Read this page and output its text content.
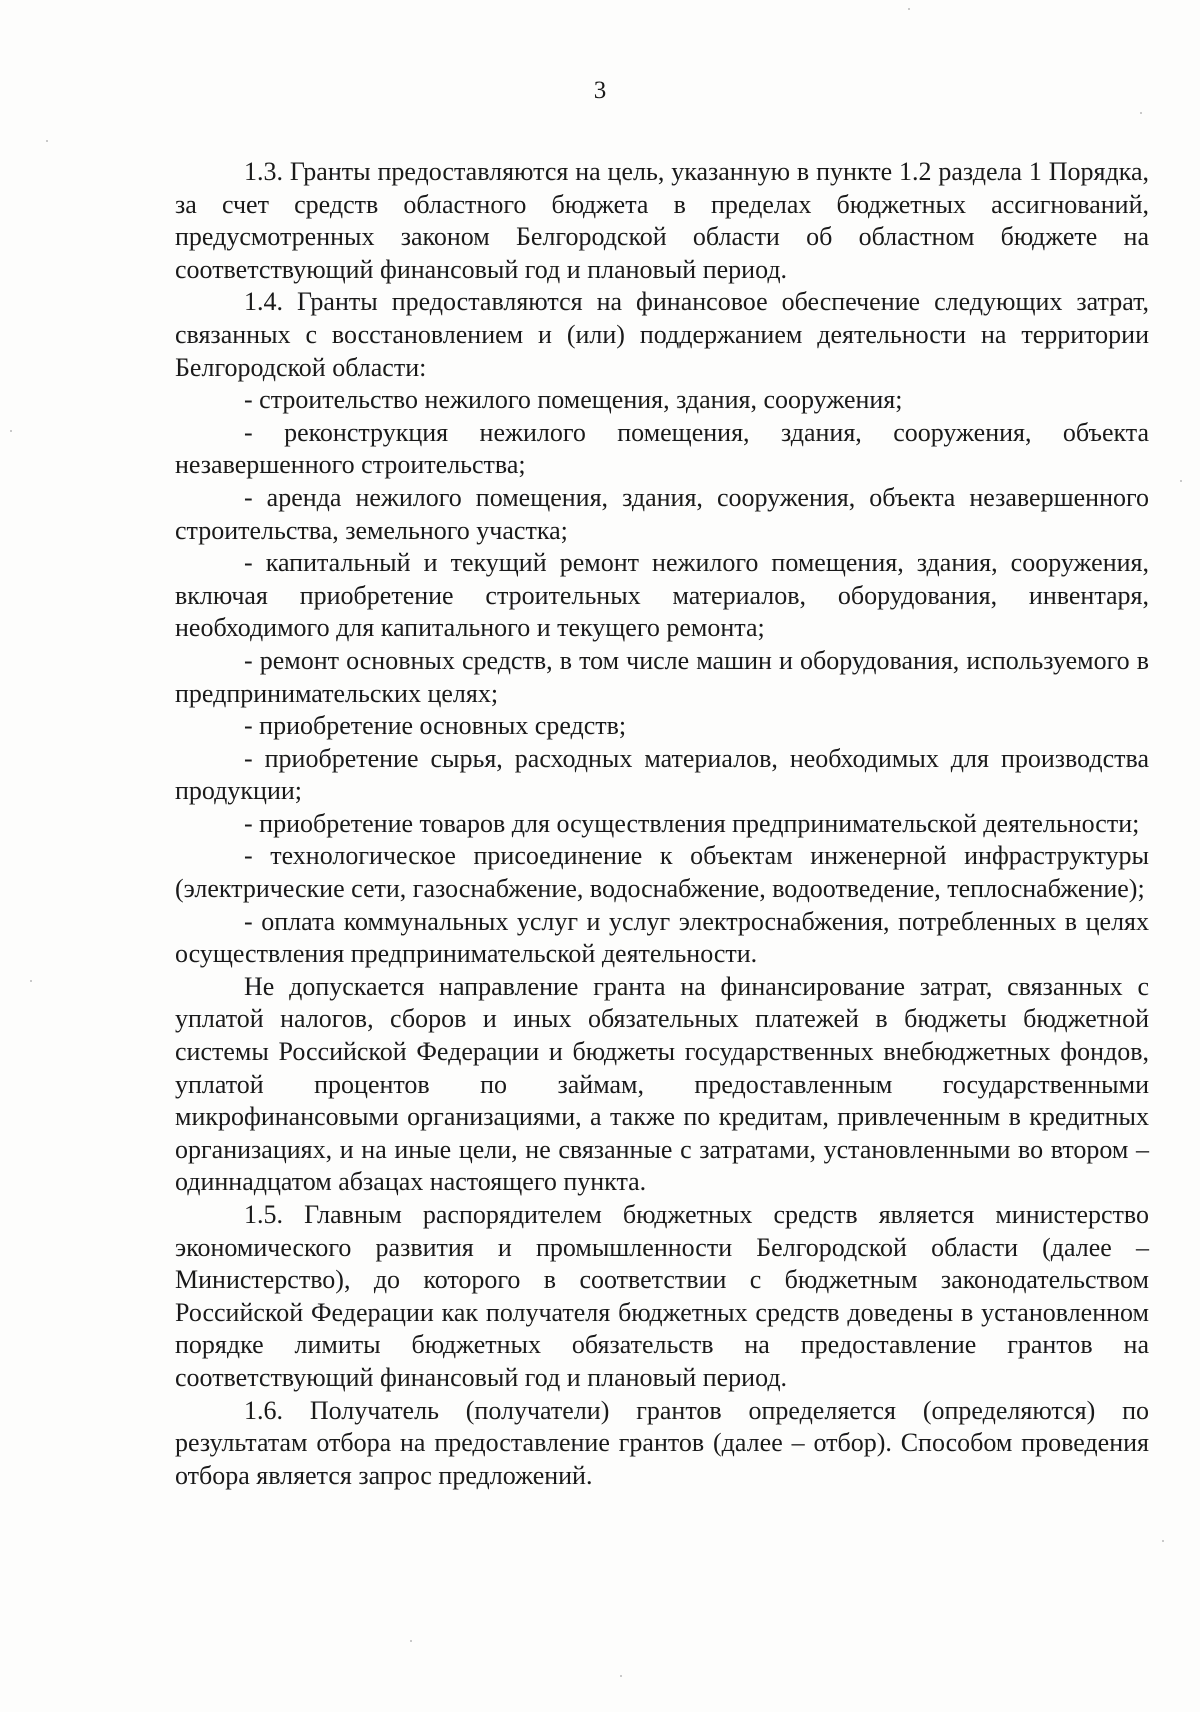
3

1.3. Гранты предоставляются на цель, указанную в пункте 1.2 раздела 1 Порядка, за счет средств областного бюджета в пределах бюджетных ассигнований, предусмотренных законом Белгородской области об областном бюджете на соответствующий финансовый год и плановый период.

1.4. Гранты предоставляются на финансовое обеспечение следующих затрат, связанных с восстановлением и (или) поддержанием деятельности на территории Белгородской области:

- строительство нежилого помещения, здания, сооружения;

- реконструкция нежилого помещения, здания, сооружения, объекта незавершенного строительства;

- аренда нежилого помещения, здания, сооружения, объекта незавершенного строительства, земельного участка;

- капитальный и текущий ремонт нежилого помещения, здания, сооружения, включая приобретение строительных материалов, оборудования, инвентаря, необходимого для капитального и текущего ремонта;

- ремонт основных средств, в том числе машин и оборудования, используемого в предпринимательских целях;

- приобретение основных средств;

- приобретение сырья, расходных материалов, необходимых для производства продукции;

- приобретение товаров для осуществления предпринимательской деятельности;

- технологическое присоединение к объектам инженерной инфраструктуры (электрические сети, газоснабжение, водоснабжение, водоотведение, теплоснабжение);

- оплата коммунальных услуг и услуг электроснабжения, потребленных в целях осуществления предпринимательской деятельности.

Не допускается направление гранта на финансирование затрат, связанных с уплатой налогов, сборов и иных обязательных платежей в бюджеты бюджетной системы Российской Федерации и бюджеты государственных внебюджетных фондов, уплатой процентов по займам, предоставленным государственными микрофинансовыми организациями, а также по кредитам, привлеченным в кредитных организациях, и на иные цели, не связанные с затратами, установленными во втором – одиннадцатом абзацах настоящего пункта.

1.5. Главным распорядителем бюджетных средств является министерство экономического развития и промышленности Белгородской области (далее – Министерство), до которого в соответствии с бюджетным законодательством Российской Федерации как получателя бюджетных средств доведены в установленном порядке лимиты бюджетных обязательств на предоставление грантов на соответствующий финансовый год и плановый период.

1.6. Получатель (получатели) грантов определяется (определяются) по результатам отбора на предоставление грантов (далее – отбор). Способом проведения отбора является запрос предложений.
